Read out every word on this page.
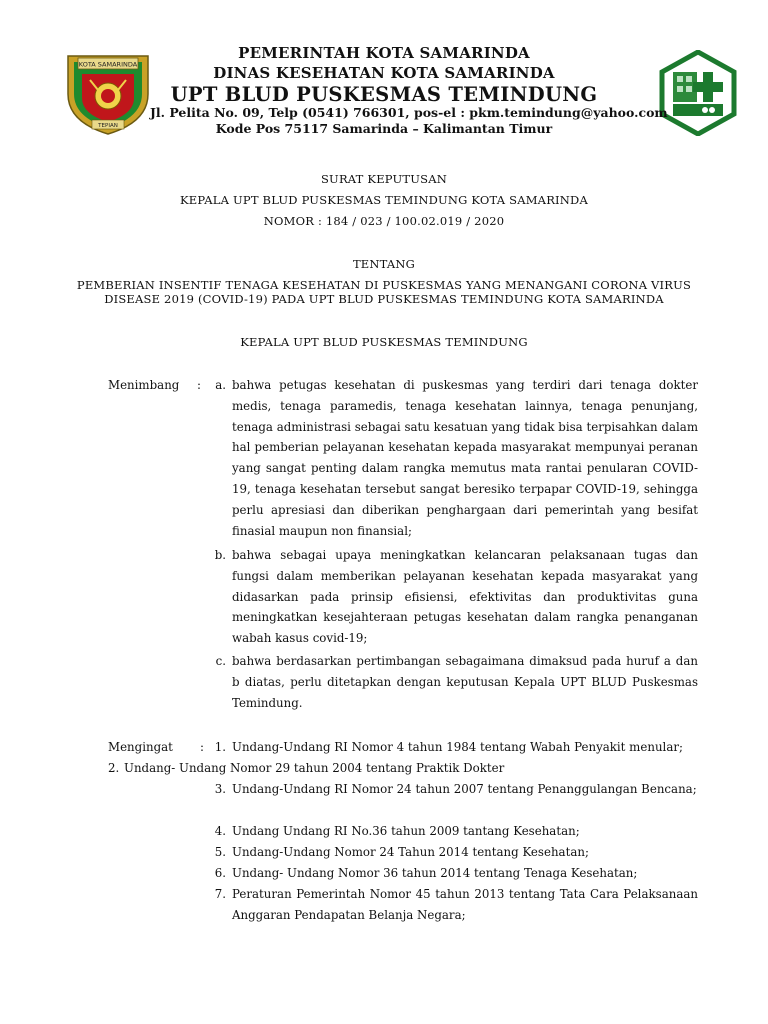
KOTA SAMARINDA
TEPIAN
PEMERINTAH KOTA SAMARINDA
DINAS KESEHATAN KOTA SAMARINDA
UPT BLUD PUSKESMAS TEMINDUNG
Jl. Pelita No. 09, Telp (0541) 766301, pos-el : pkm.temindung@yahoo.com
Kode Pos 75117 Samarinda – Kalimantan Timur
SURAT KEPUTUSAN
KEPALA UPT BLUD PUSKESMAS TEMINDUNG KOTA SAMARINDA
NOMOR : 184 / 023 / 100.02.019 / 2020
TENTANG
PEMBERIAN INSENTIF TENAGA KESEHATAN DI PUSKESMAS YANG MENANGANI CORONA VIRUS
DISEASE 2019 (COVID-19) PADA UPT BLUD PUSKESMAS TEMINDUNG KOTA SAMARINDA
KEPALA UPT BLUD PUSKESMAS TEMINDUNG
Menimbang :	a. bahwa petugas kesehatan di puskesmas yang terdiri dari tenaga dokter medis, tenaga paramedis, tenaga kesehatan lainnya, tenaga penunjang, tenaga administrasi sebagai satu kesatuan yang tidak bisa terpisahkan dalam hal pemberian pelayanan kesehatan kepada masyarakat mempunyai peranan yang sangat penting dalam rangka memutus mata rantai penularan COVID-19, tenaga kesehatan tersebut sangat beresiko terpapar COVID-19, sehingga perlu apresiasi dan diberikan penghargaan dari pemerintah yang besifat finasial maupun non finansial;
b. bahwa sebagai upaya meningkatkan kelancaran pelaksanaan tugas dan fungsi dalam memberikan pelayanan kesehatan kepada masyarakat yang didasarkan pada prinsip efisiensi, efektivitas dan produktivitas guna meningkatkan kesejahteraan petugas kesehatan dalam rangka penanganan wabah kasus covid-19;
c. bahwa berdasarkan pertimbangan sebagaimana dimaksud pada huruf a dan b diatas, perlu ditetapkan dengan keputusan Kepala UPT BLUD Puskesmas Temindung.
Mengingat : 1. Undang-Undang RI Nomor 4 tahun 1984 tentang Wabah Penyakit menular;
2. Undang- Undang Nomor 29 tahun 2004 tentang Praktik Dokter
3. Undang-Undang RI Nomor 24 tahun 2007 tentang Penanggulangan Bencana;
4. Undang Undang RI No.36 tahun 2009 tantang Kesehatan;
5. Undang-Undang Nomor 24 Tahun 2014 tentang Kesehatan;
6. Undang- Undang Nomor 36 tahun 2014 tentang Tenaga Kesehatan;
7. Peraturan Pemerintah Nomor 45 tahun 2013 tentang Tata Cara Pelaksanaan Anggaran Pendapatan Belanja Negara;
